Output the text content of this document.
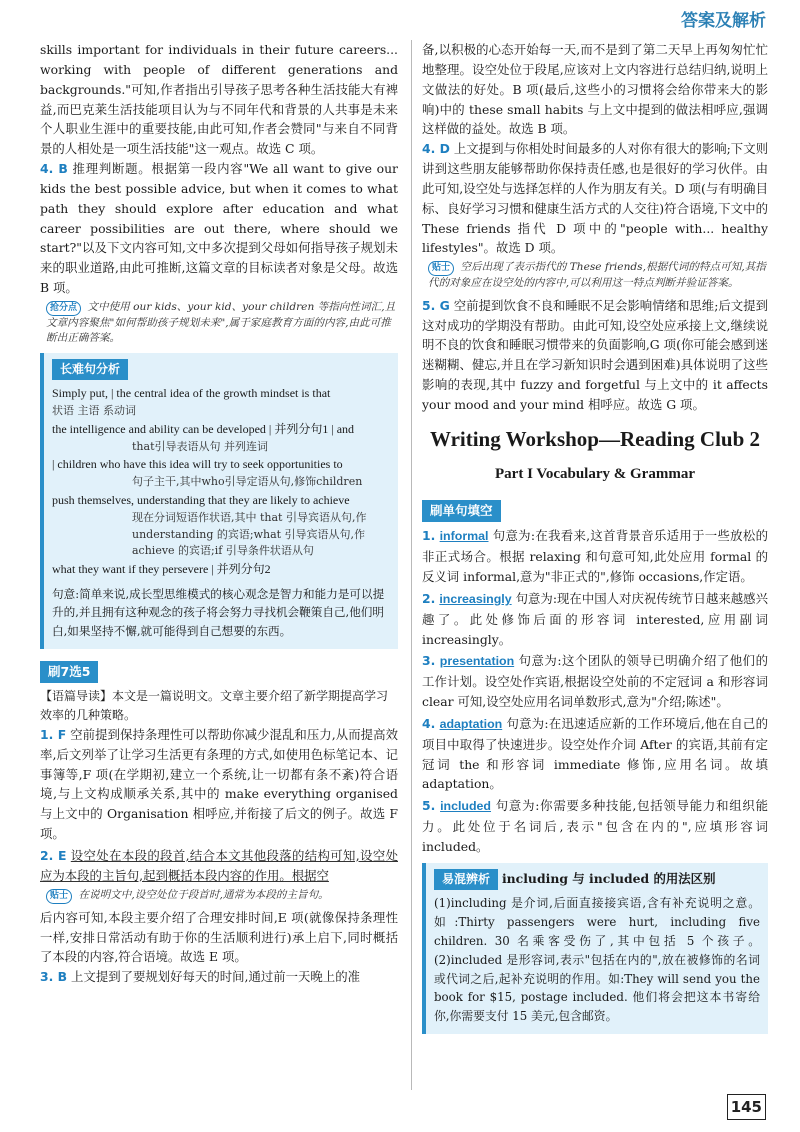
答案及解析

skills important for individuals in their future careers... working with people of different generations and backgrounds."可知,作者指出引导孩子思考各种生活技能大有裨益,而巴克莱生活技能项目认为与不同年代和背景的人共事是未来个人职业生涯中的重要技能,由此可知,作者会赞同"与来自不同背景的人相处是一项生活技能"这一观点。故选 C 项。

4. B 推理判断题。根据第一段内容"We all want to give our kids the best possible advice, but when it comes to what path they should explore after education and what career possibilities are out there, where should we start?"以及下文内容可知,文中多次提到父母如何指导孩子规划未来的职业道路,由此可推断,这篇文章的目标读者对象是父母。故选 B 项。

抢分点 文中使用 our kids、your kid、your children 等指向性词汇,且文章内容聚焦"如何帮助孩子规划未来",属于家庭教育方面的内容,由此可推断出正确答案。
长难句分析
Simply put, | the central idea of the growth mindset is that
状语 主语 系动词
the intelligence and ability can be developed | 并列分句1 | and
that引导表语从句 并列连词
| children who have this idea will try to seek opportunities to
句子主干,其中who引导定语从句,修饰children
push themselves, understanding that they are likely to achieve
现在分词短语作状语,其中 that 引导宾语从句,作 understanding 的宾语;what 引导宾语从句,作 achieve 的宾语;if 引导条件状语从句
what they want if they persevere | 并列分句2
句意:简单来说,成长型思维模式的核心观念是智力和能力是可以提升的,并且拥有这种观念的孩子将会努力寻找机会鞭策自己,他们明白,如果坚持不懈,就可能得到自己想要的东西。
刷7选5

【语篇导读】本文是一篇说明文。文章主要介绍了新学期提高学习效率的几种策略。

1. F 空前提到保持条理性可以帮助你减少混乱和压力,从而提高效率,后文列举了让学习生活更有条理的方式,如使用色标笔记本、记事簿等,F 项(在学期初,建立一个系统,让一切都有条不紊)符合语境,与上文构成顺承关系,其中的 make everything organised 与上文中的 Organisation 相呼应,并衔接了后文的例子。故选 F 项。

2. E 设空处在本段的段首,结合本文其他段落的结构可知,设空处应为本段的主旨句,起到概括本段内容的作用。根据空

贴士 在说明文中,设空处位于段首时,通常为本段的主旨句。

后内容可知,本段主要介绍了合理安排时间,E 项(就像保持条理性一样,安排日常活动有助于你的生活顺利进行)承上启下,同时概括了本段的内容,符合语境。故选 E 项。

3. B 上文提到了要规划好每天的时间,通过前一天晚上的准

备,以积极的心态开始每一天,而不是到了第二天早上再匆匆忙忙地整理。设空处位于段尾,应该对上文内容进行总结归纳,说明上文做法的好处。B 项(最后,这些小的习惯将会给你带来大的影响)中的 these small habits 与上文中提到的做法相呼应,强调这样做的益处。故选 B 项。

4. D 上文提到与你相处时间最多的人对你有很大的影响;下文则讲到这些朋友能够帮助你保持责任感,也是很好的学习伙伴。由此可知,设空处与选择怎样的人作为朋友有关。D 项(与有明确目标、良好学习习惯和健康生活方式的人交往)符合语境,下文中的 These friends 指代 D 项中的"people with... healthy lifestyles"。故选 D 项。

贴士 空后出现了表示指代的 These friends,根据代词的特点可知,其指代的对象应在设空处的内容中,可以利用这一特点判断并验证答案。

5. G 空前提到饮食不良和睡眠不足会影响情绪和思维;后文提到这对成功的学期没有帮助。由此可知,设空处应承接上文,继续说明不良的饮食和睡眠习惯带来的负面影响,G 项(你可能会感到迷迷糊糊、健忘,并且在学习新知识时会遇到困难)具体说明了这些影响的表现,其中 fuzzy and forgetful 与上文中的 it affects your mood and your mind 相呼应。故选 G 项。

Writing Workshop—Reading Club 2
Part I Vocabulary & Grammar
刷单句填空

1. informal 句意为:在我看来,这首背景音乐适用于一些放松的非正式场合。根据 relaxing 和句意可知,此处应用 formal 的反义词 informal,意为"非正式的",修饰 occasions,作定语。

2. increasingly 句意为:现在中国人对庆祝传统节日越来越感兴趣了。此处修饰后面的形容词 interested,应用副词 increasingly。

3. presentation 句意为:这个团队的领导已明确介绍了他们的工作计划。设空处作宾语,根据设空处前的不定冠词 a 和形容词 clear 可知,设空处应用名词单数形式,意为"介绍;陈述"。

4. adaptation 句意为:在迅速适应新的工作环境后,他在自己的项目中取得了快速进步。设空处作介词 After 的宾语,其前有定冠词 the 和形容词 immediate 修饰,应用名词。故填 adaptation。

5. included 句意为:你需要多种技能,包括领导能力和组织能力。此处位于名词后,表示"包含在内的",应填形容词 included。

易混辨析 including 与 included 的用法区别

(1)including 是介词,后面直接接宾语,含有补充说明之意。如:Thirty passengers were hurt, including five children. 30 名乘客受伤了,其中包括 5 个孩子。(2)included 是形容词,表示"包括在内的",放在被修饰的名词或代词之后,起补充说明的作用。如:They will send you the book for $15, postage included. 他们将会把这本书寄给你,你需要支付 15 美元,包含邮资。

145
